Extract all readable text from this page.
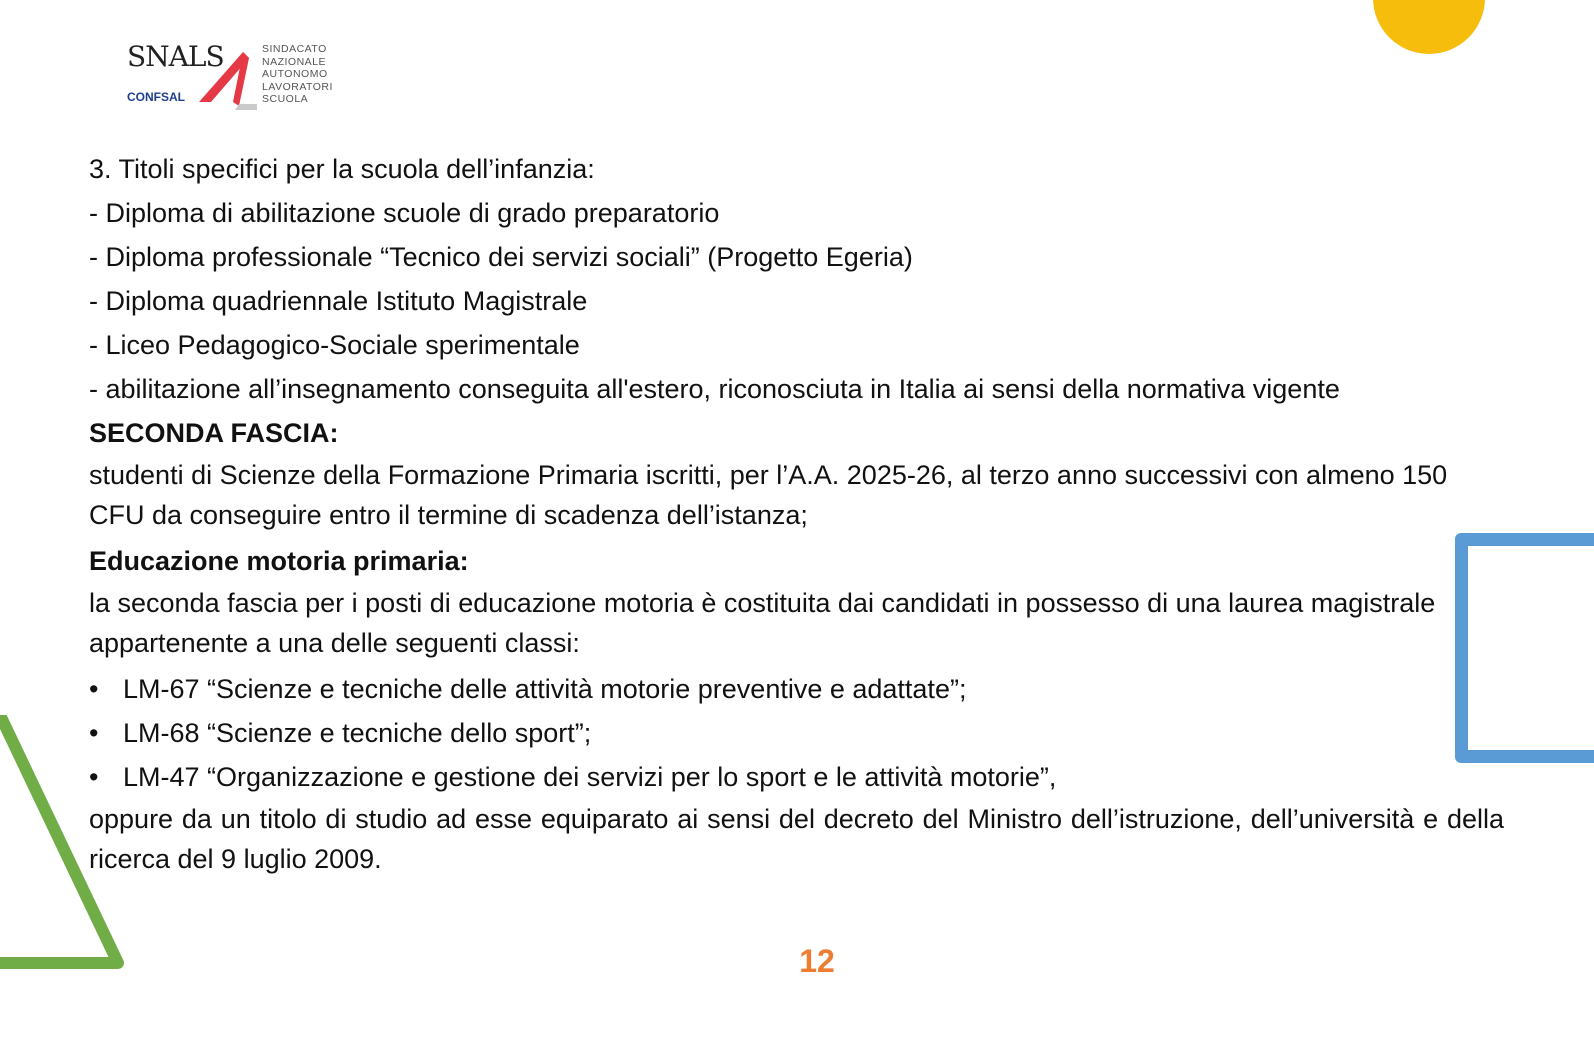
SNALS
CONFSAL
SINDACATO
NAZIONALE
AUTONOMO
LAVORATORI
SCUOLA
3. Titoli specifici per la scuola dell’infanzia:
- Diploma di abilitazione scuole di grado preparatorio
- Diploma professionale “Tecnico dei servizi sociali” (Progetto Egeria)
- Diploma quadriennale Istituto Magistrale
- Liceo Pedagogico-Sociale sperimentale
- abilitazione all’insegnamento conseguita all'estero, riconosciuta in Italia ai sensi della normativa vigente
SECONDA FASCIA:
studenti di Scienze della Formazione Primaria iscritti, per l’A.A. 2025-26, al terzo anno successivi con almeno 150 CFU da conseguire entro il termine di scadenza dell’istanza;
Educazione motoria primaria:
la seconda fascia per i posti di educazione motoria è costituita dai candidati in possesso di una laurea magistrale appartenente a una delle seguenti classi:
• LM-67 “Scienze e tecniche delle attività motorie preventive e adattate”;
• LM-68 “Scienze e tecniche dello sport”;
• LM-47 “Organizzazione e gestione dei servizi per lo sport e le attività motorie”,
oppure da un titolo di studio ad esse equiparato ai sensi del decreto del Ministro dell’istruzione, dell’università e della ricerca del 9 luglio 2009.
12
